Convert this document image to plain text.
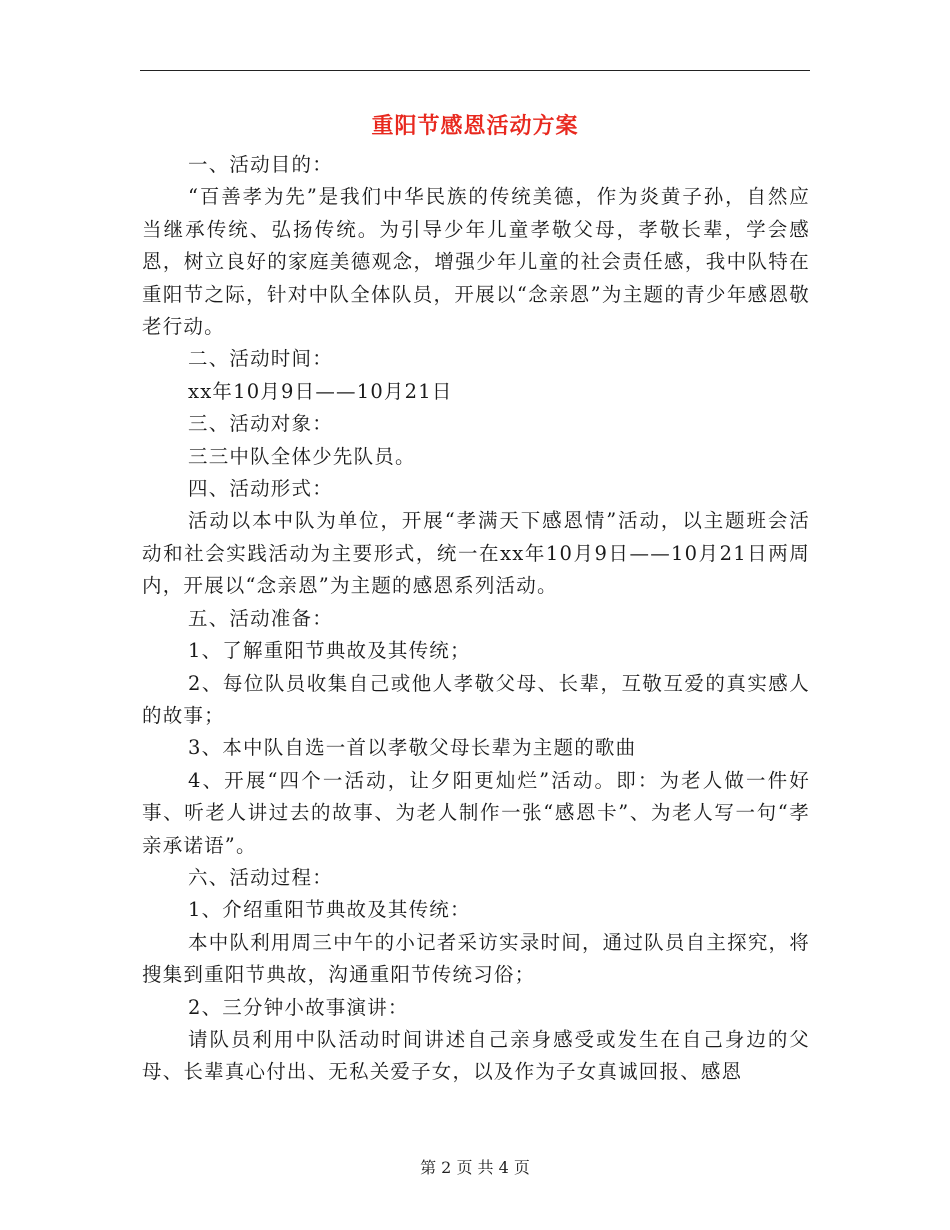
重阳节感恩活动方案

一、活动目的：

“百善孝为先”是我们中华民族的传统美德，作为炎黄子孙，自然应当继承传统、弘扬传统。为引导少年儿童孝敬父母，孝敬长辈，学会感恩，树立良好的家庭美德观念，增强少年儿童的社会责任感，我中队特在重阳节之际，针对中队全体队员，开展以“念亲恩”为主题的青少年感恩敬老行动。

二、活动时间：

xx年10月9日——10月21日

三、活动对象：

三三中队全体少先队员。

四、活动形式：

活动以本中队为单位，开展“孝满天下感恩情”活动，以主题班会活动和社会实践活动为主要形式，统一在xx年10月9日——10月21日两周内，开展以“念亲恩”为主题的感恩系列活动。

五、活动准备：

1、了解重阳节典故及其传统；

2、每位队员收集自己或他人孝敬父母、长辈，互敬互爱的真实感人的故事；

3、本中队自选一首以孝敬父母长辈为主题的歌曲

4、开展“四个一活动，让夕阳更灿烂”活动。即：为老人做一件好事、听老人讲过去的故事、为老人制作一张“感恩卡”、为老人写一句“孝亲承诺语”。

六、活动过程：

1、介绍重阳节典故及其传统：

本中队利用周三中午的小记者采访实录时间，通过队员自主探究，将搜集到重阳节典故，沟通重阳节传统习俗；

2、三分钟小故事演讲：

请队员利用中队活动时间讲述自己亲身感受或发生在自己身边的父母、长辈真心付出、无私关爱子女，以及作为子女真诚回报、感恩

第 2 页 共 4 页
